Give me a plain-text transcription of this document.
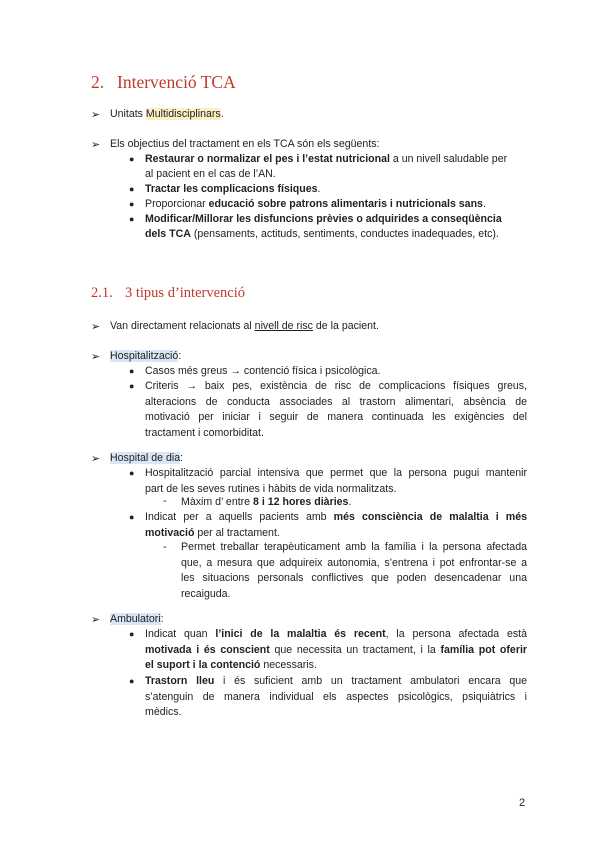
2. Intervenció TCA
➢ Unitats Multidisciplinars.
➢ Els objectius del tractament en els TCA són els següents:
● Restaurar o normalizar el pes i l’estat nutricional a un nivell saludable per
al pacient en el cas de l’AN.
● Tractar les complicacions físiques.
● Proporcionar educació sobre patrons alimentaris i nutricionals sans.
● Modificar/Millorar les disfuncions prèvies o adquirides a conseqüència
dels TCA (pensaments, actituds, sentiments, conductes inadequades, etc).
2.1. 3 tipus d’intervenció
➢ Van directament relacionats al nivell de risc de la pacient.
➢ Hospitalització:
● Casos més greus → contenció física i psicològica.
● Criteris → baix pes, existència de risc de complicacions físiques greus,
alteracions de conducta associades al trastorn alimentari, absència de
motivació per iniciar i seguir de manera continuada les exigències del
tractament i comorbiditat.
➢ Hospital de dia:
● Hospitalització parcial intensiva que permet que la persona pugui mantenir
part de les seves rutines i hàbits de vida normalitzats.
- Màxim d’ entre 8 i 12 hores diàries.
● Indicat per a aquells pacients amb més consciència de malaltia i més
motivació per al tractament.
- Permet treballar terapèuticament amb la família i la persona afectada
que, a mesura que adquireix autonomia, s’entrena i pot enfrontar-se a
les situacions personals conflictives que poden desencadenar una
recaiguda.
➢ Ambulatori:
● Indicat quan l’inici de la malaltia és recent, la persona afectada està
motivada i és conscient que necessita un tractament, i la família pot oferir
el suport i la contenció necessaris.
● Trastorn lleu i és suficient amb un tractament ambulatori encara que
s’atenguin de manera individual els aspectes psicològics, psiquiàtrics i
mèdics.
2
